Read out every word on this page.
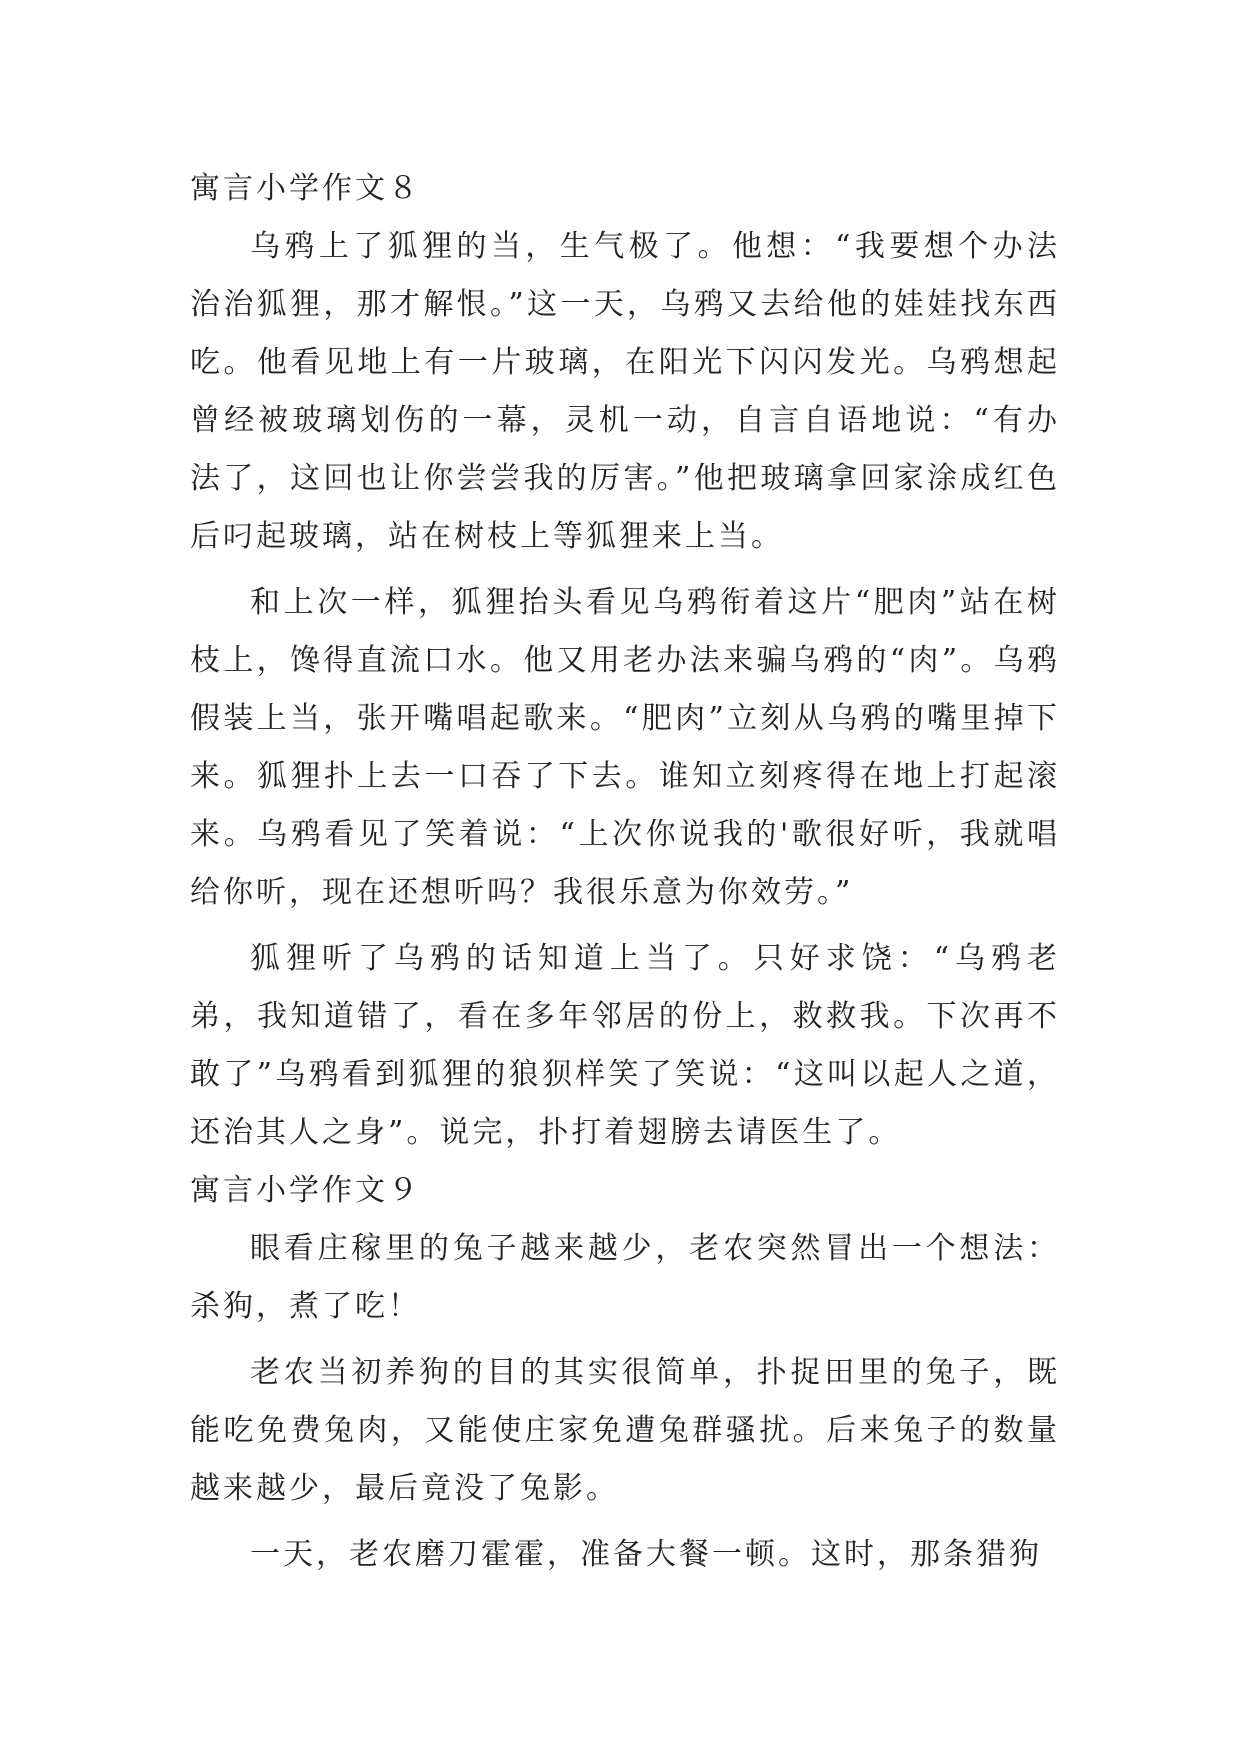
寓言小学作文８

乌鸦上了狐狸的当，生气极了。他想：“我要想个办法治治狐狸，那才解恨。”这一天，乌鸦又去给他的娃娃找东西吃。他看见地上有一片玻璃，在阳光下闪闪发光。乌鸦想起曾经被玻璃划伤的一幕，灵机一动，自言自语地说：“有办法了，这回也让你尝尝我的厉害。”他把玻璃拿回家涂成红色后叼起玻璃，站在树枝上等狐狸来上当。

和上次一样，狐狸抬头看见乌鸦衔着这片“肥肉”站在树枝上，馋得直流口水。他又用老办法来骗乌鸦的“肉”。乌鸦假装上当，张开嘴唱起歌来。“肥肉”立刻从乌鸦的嘴里掉下来。狐狸扑上去一口吞了下去。谁知立刻疼得在地上打起滚来。乌鸦看见了笑着说：“上次你说我的'歌很好听，我就唱给你听，现在还想听吗？我很乐意为你效劳。”

狐狸听了乌鸦的话知道上当了。只好求饶：“乌鸦老弟，我知道错了，看在多年邻居的份上，救救我。下次再不敢了”乌鸦看到狐狸的狼狈样笑了笑说：“这叫以起人之道，还治其人之身”。说完，扑打着翅膀去请医生了。

寓言小学作文９

眼看庄稼里的兔子越来越少，老农突然冒出一个想法：杀狗，煮了吃！

老农当初养狗的目的其实很简单，扑捉田里的兔子，既能吃免费兔肉，又能使庄家免遭兔群骚扰。后来兔子的数量越来越少，最后竟没了兔影。

一天，老农磨刀霍霍，准备大餐一顿。这时，那条猎狗
